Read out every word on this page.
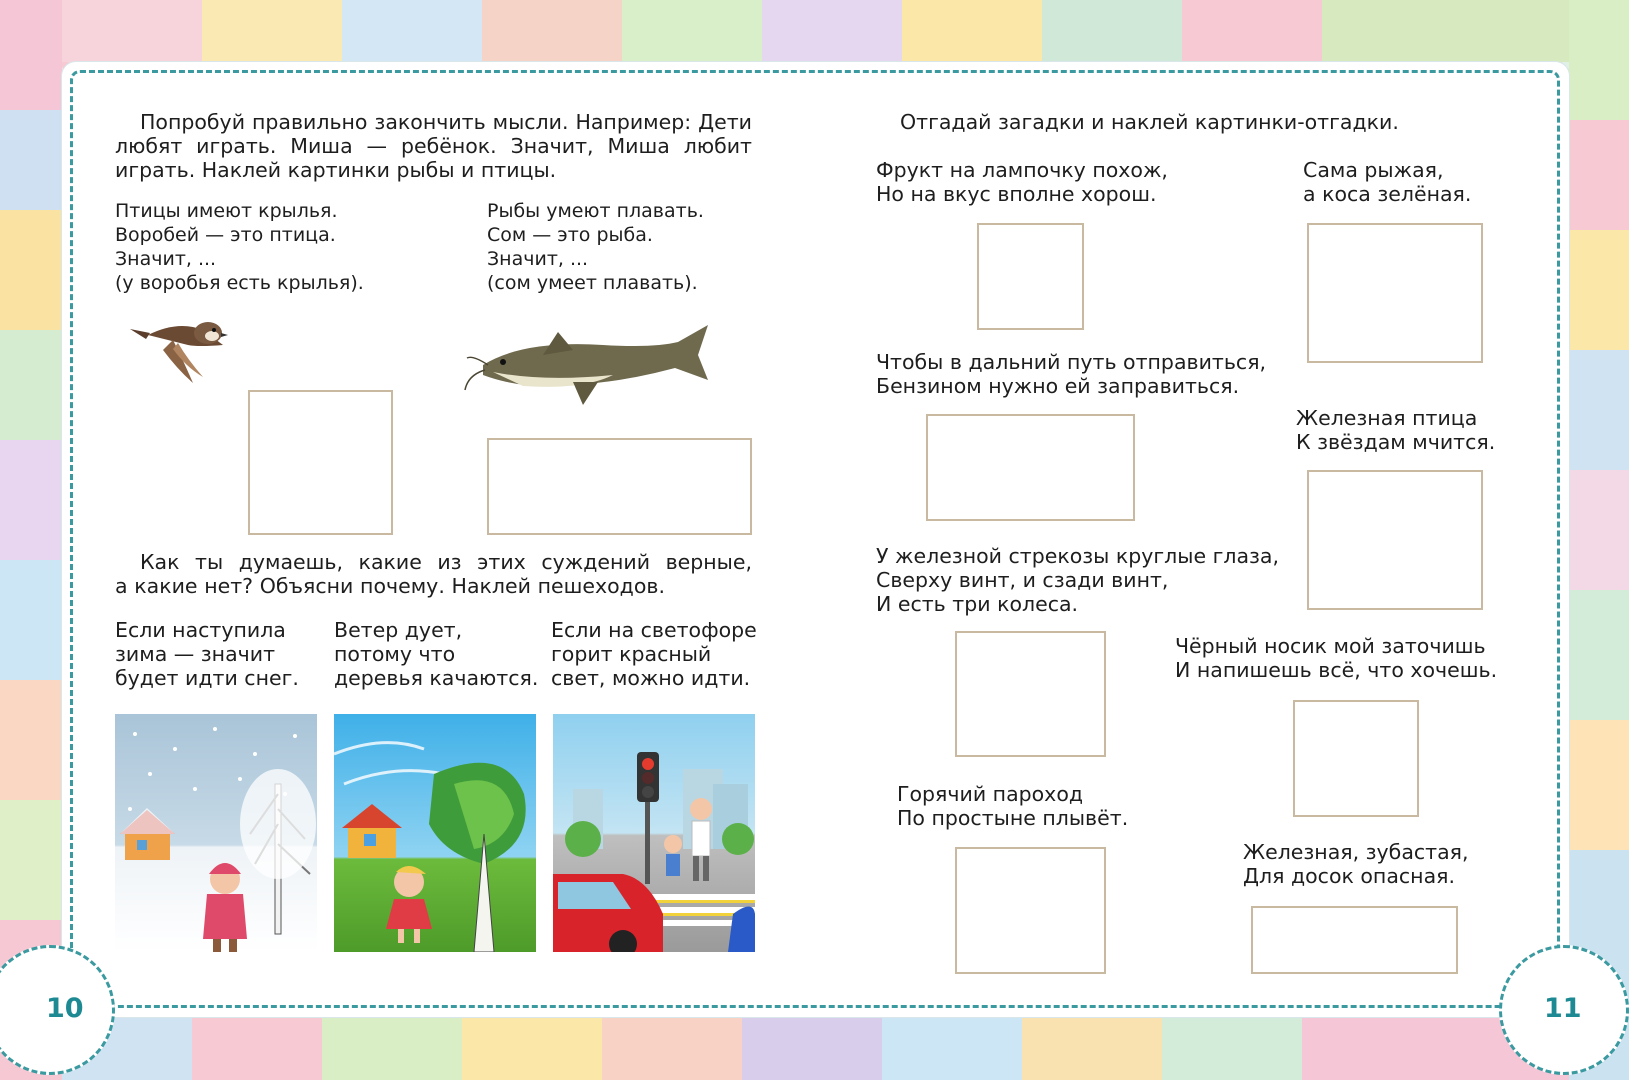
10	11
Попробуй правильно закончить мысли. Например: Дети
любят играть. Миша — ребёнок. Значит, Миша любит
играть. Наклей картинки рыбы и птицы.
Птицы имеют крылья.
Воробей — это птица.
Значит, ...
(у воробья есть крылья).
Рыбы умеют плавать.
Сом — это рыба.
Значит, ...
(сом умеет плавать).
Как ты думаешь, какие из этих суждений верные,
а какие нет? Объясни почему. Наклей пешеходов.
Если наступила
зима — значит
будет идти снег.
Ветер дует,
потому что
деревья качаются.
Если на светофоре
горит красный
свет, можно идти.
Отгадай загадки и наклей картинки-отгадки.
Фрукт на лампочку похож,
Но на вкус вполне хорош.
Сама рыжая,
а коса зелёная.
Чтобы в дальний путь отправиться,
Бензином нужно ей заправиться.
Железная птица
К звёздам мчится.
У железной стрекозы круглые глаза,
Сверху винт, и сзади винт,
И есть три колеса.
Чёрный носик мой заточишь
И напишешь всё, что хочешь.
Горячий пароход
По простыне плывёт.
Железная, зубастая,
Для досок опасная.
